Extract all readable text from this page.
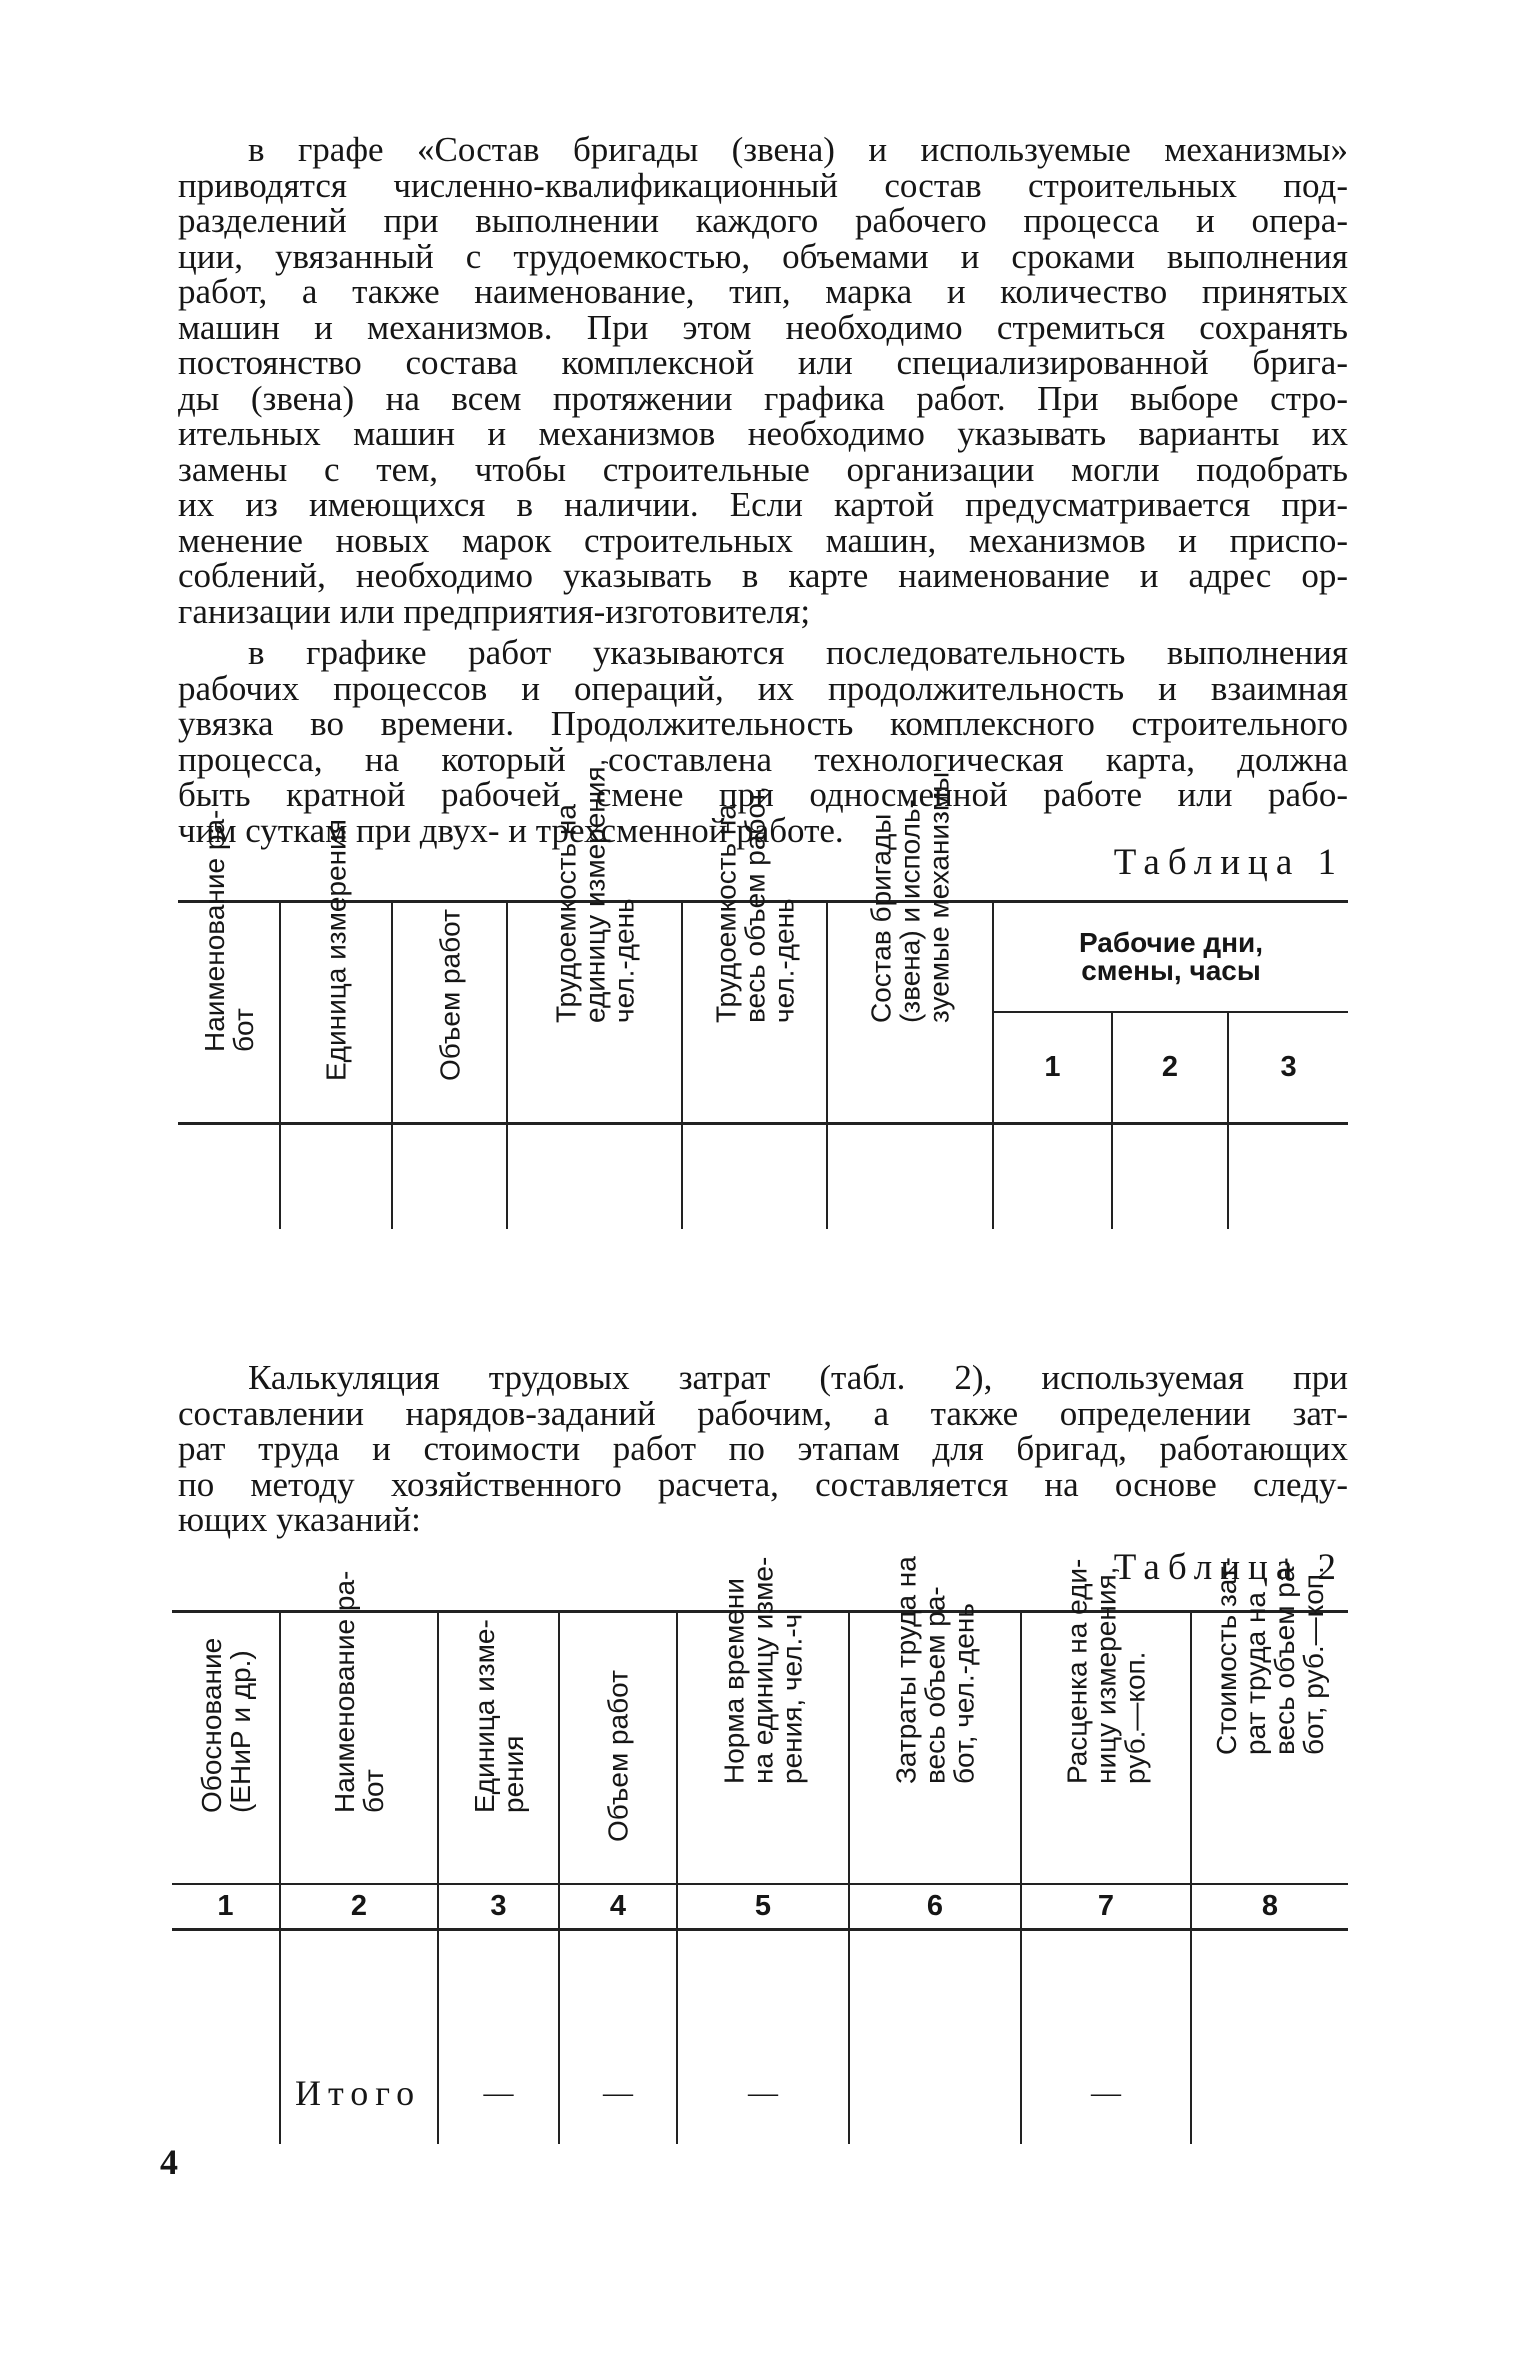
в графе «Состав бригады (звена) и используемые механизмы»
приводятся численно-квалификационный состав строительных под-
разделений при выполнении каждого рабочего процесса и опера-
ции, увязанный с трудоемкостью, объемами и сроками выполнения
работ, а также наименование, тип, марка и количество принятых
машин и механизмов. При этом необходимо стремиться сохранять
постоянство состава комплексной или специализированной бригa-
ды (звена) на всем протяжении графика работ. При выборе стро-
ительных машин и механизмов необходимо указывать варианты их
замены с тем, чтобы строительные организации могли подобрать
их из имеющихся в наличии. Если картой предусматривается при-
менение новых марок строительных машин, механизмов и приспо-
соблений, необходимо указывать в карте наименование и адрес ор-
ганизации или предприятия-изготовителя;
в графике работ указываются последовательность выполнения
рабочих процессов и операций, их продолжительность и взаимная
увязка во времени. Продолжительность комплексного строительного
процесса, на который составлена технологическая карта, должна
быть кратной рабочей смене при односменной работе или рабо-
чим суткам при двух- и трехсменной работе.
Таблица 1
Наименование ра-
бот	Единица измерения	Объем работ	Трудоемкость на
единицу измерения,
чел.-день	Трудоемкость на
весь объем работ,
чел.-день	Состав бригады
(звена) и исполь-
зуемые механизмы	Рабочие дни, смены, часы		
						1	2	3

Калькуляция трудовых затрат (табл. 2), используемая при
составлении нарядов-заданий рабочим, а также определении зат-
рат труда и стоимости работ по этапам для бригад, работающих
по методу хозяйственного расчета, составляется на основе следу-
ющих указаний:
Таблица 2
Обоснование
(ЕНиР и др.)	Наименование ра-
бот	Единица изме-
рения	Объем работ	Норма времени
на единицу изме-
рения, чел.-ч	Затраты труда на
весь объем ра-
бот, чел.-день	Расценка на еди-
ницу измерения,
руб.—коп.	Стоимость зат-
рат труда на
весь объем ра-
бот, руб.—коп.

1	2	3	4	5	6	7	8

	Итого	—	—	—		—	
4
